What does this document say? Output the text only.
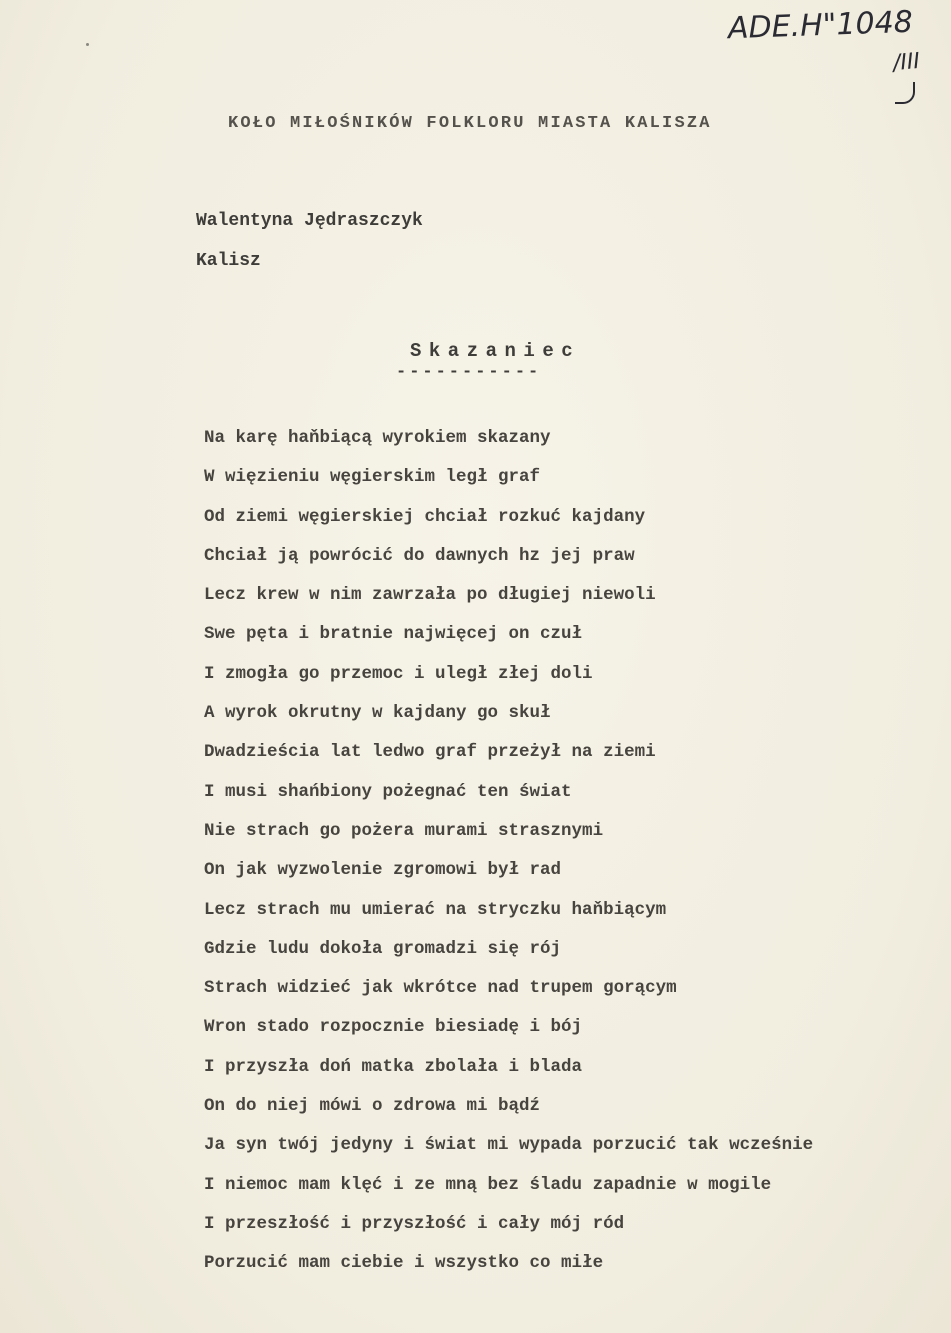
ADE.H"1048
/III
KOŁO MIŁOŚNIKÓW FOLKLORU MIASTA KALISZA
Walentyna Jędraszczyk
Kalisz
Skazaniec
-----------
Na karę haňbiącą wyrokiem skazany
W więzieniu węgierskim legł graf
Od ziemi węgierskiej chciał rozkuć kajdany
Chciał ją powrócić do dawnych hz jej praw
Lecz krew w nim zawrzała po długiej niewoli
Swe pęta i bratnie najwięcej on czuł
I zmogła go przemoc i uległ złej doli
A wyrok okrutny w kajdany go skuł
Dwadzieścia lat ledwo graf przeżył na ziemi
I musi shańbiony pożegnać ten świat
Nie strach go pożera murami strasznymi
On jak wyzwolenie zgromowi był rad
Lecz strach mu umierać na stryczku haňbiącym
Gdzie ludu dokoła gromadzi się rój
Strach widzieć jak wkrótce nad trupem gorącym
Wron stado rozpocznie biesiadę i bój
I przyszła doń matka zbolała i blada
On do niej mówi o zdrowa mi bądź
Ja syn twój jedyny i świat mi wypada porzucić tak wcześnie
I niemoc mam klęć i ze mną bez śladu zapadnie w mogile
I przeszłość i przyszłość i cały mój ród
Porzucić mam ciebie i wszystko co miłe
